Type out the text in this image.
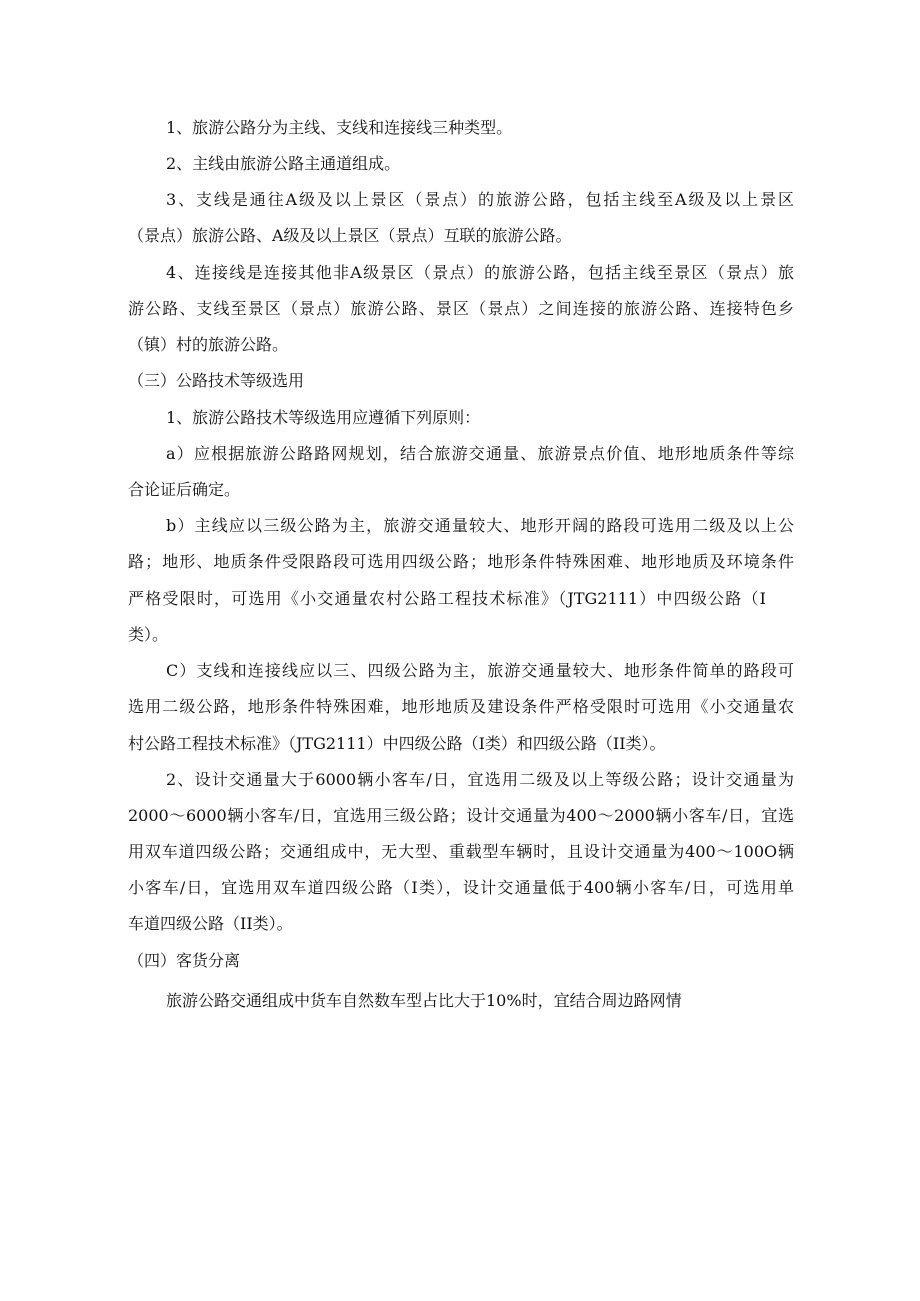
1、旅游公路分为主线、支线和连接线三种类型。

2、主线由旅游公路主通道组成。

3、支线是通往A级及以上景区（景点）的旅游公路，包括主线至A级及以上景区

（景点）旅游公路、A级及以上景区（景点）互联的旅游公路。

4、连接线是连接其他非A级景区（景点）的旅游公路，包括主线至景区（景点）旅

游公路、支线至景区（景点）旅游公路、景区（景点）之间连接的旅游公路、连接特色乡

（镇）村的旅游公路。

（三）公路技术等级选用

1、旅游公路技术等级选用应遵循下列原则：

a）应根据旅游公路路网规划，结合旅游交通量、旅游景点价值、地形地质条件等综

合论证后确定。

b）主线应以三级公路为主，旅游交通量较大、地形开阔的路段可选用二级及以上公

路；地形、地质条件受限路段可选用四级公路；地形条件特殊困难、地形地质及环境条件

严格受限时，可选用《小交通量农村公路工程技术标准》（JTG2111）中四级公路（I

类）。

C）支线和连接线应以三、四级公路为主，旅游交通量较大、地形条件简单的路段可

选用二级公路，地形条件特殊困难，地形地质及建设条件严格受限时可选用《小交通量农

村公路工程技术标准》（JTG2111）中四级公路（I类）和四级公路（II类）。

2、设计交通量大于6000辆小客车/日，宜选用二级及以上等级公路；设计交通量为

2000～6000辆小客车/日，宜选用三级公路；设计交通量为400～2000辆小客车/日，宜选

用双车道四级公路；交通组成中，无大型、重载型车辆时，且设计交通量为400～100O辆

小客车/日，宜选用双车道四级公路（I类），设计交通量低于400辆小客车/日，可选用单

车道四级公路（II类）。

（四）客货分离

旅游公路交通组成中货车自然数车型占比大于10%时，宜结合周边路网情
